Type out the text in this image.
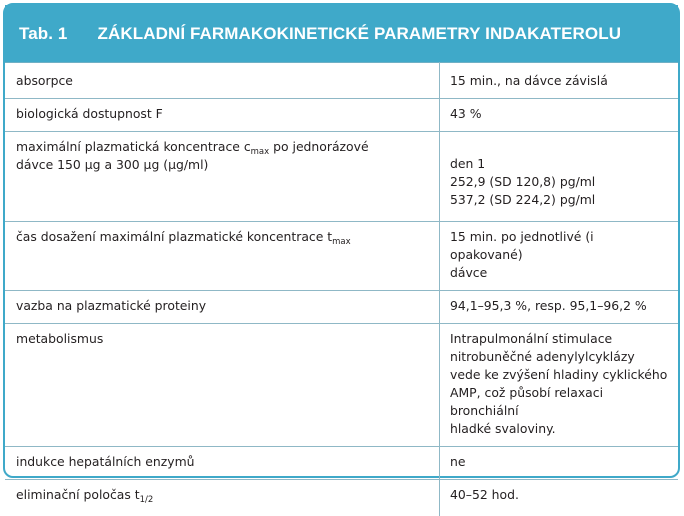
Tab. 1 ZÁKLADNÍ FARMAKOKINETICKÉ PARAMETRY INDAKATEROLU
absorpce	15 min., na dávce závislá
biologická dostupnost F	43 %

maximální plazmatická koncentrace $c_{max}$ po jednorázové
dávce 150 µg a 300 µg (µg/ml)	den 1
252,9 (SD 120,8) pg/ml
537,2 (SD 224,2) pg/ml

čas dosažení maximální plazmatické koncentrace $t_{max}$	15 min. po jednotlivé (i opakované)
dávce

vazba na plazmatické proteiny	94,1–95,3 %, resp. 95,1–96,2 %
metabolismus	Intrapulmonální stimulace
nitrobuněčné adenylylcyklázy
vede ke zvýšení hladiny cyklického
AMP, což působí relaxaci bronchiální
hladké svaloviny.

indukce hepatálních enzymů	ne
eliminační poločas $t_{1/2}$	40–52 hod.
